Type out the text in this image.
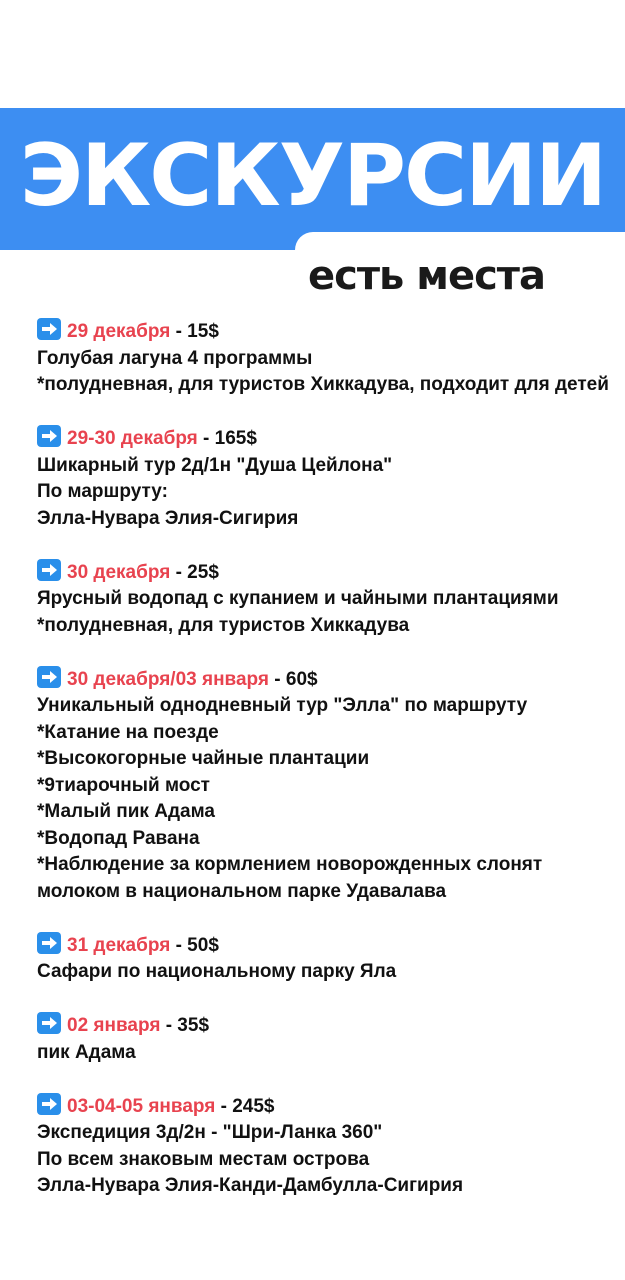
ЭКСКУРСИИ
есть места
29 декабря - 15$
Голубая лагуна 4 программы
*полудневная, для туристов Хиккадува, подходит для детей
29-30 декабря - 165$
Шикарный тур 2д/1н "Душа Цейлона"
По маршруту:
Элла-Нувара Элия-Сигирия
30 декабря - 25$
Ярусный водопад с купанием и чайными плантациями
*полудневная, для туристов Хиккадува
30 декабря/03 января - 60$
Уникальный однодневный тур "Элла" по маршруту
*Катание на поезде
*Высокогорные чайные плантации
*9тиарочный мост
*Малый пик Адама
*Водопад Равана
*Наблюдение за кормлением новорожденных слонят молоком в национальном парке Удавалава
31 декабря - 50$
Сафари по национальному парку Яла
02 января - 35$
пик Адама
03-04-05 января - 245$
Экспедиция 3д/2н - "Шри-Ланка 360"
По всем знаковым местам острова
Элла-Нувара Элия-Канди-Дамбулла-Сигирия
